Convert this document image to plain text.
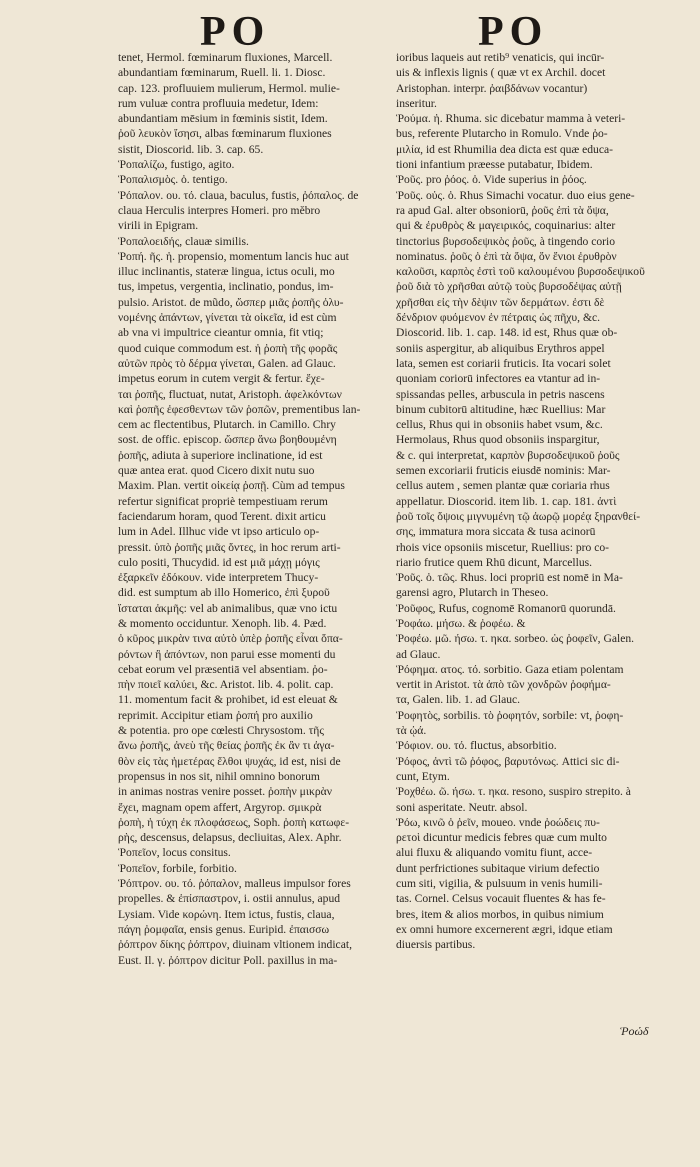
PO	PO
tenet, Hermol. fœminarum fluxiones, Marcell.
abundantiam fœminarum, Ruell. li. 1. Diosc.
cap. 123. profluuiem mulierum, Hermol. mulie-
rum vuluæ contra profluuia medetur, Idem:
abundantiam mēsium in fœminis sistit, Idem.
ῥοῦ λευκὸν ἴσησι, albas fœminarum fluxiones
sistit, Dioscorid. lib. 3. cap. 65.
Ῥοπαλίζω, fustigo, agito.
Ῥοπαλισμὸς. ὁ. tentigo.
Ῥόπαλον. ου. τό. claua, baculus, fustis, ῥόπαλος. de
claua Herculis interpres Homeri. pro mĕbro
virili in Epigram.
Ῥοπαλοειδής, clauæ similis.
Ῥοπή. ῆς. ἡ. propensio, momentum lancis huc aut
illuc inclinantis, stateræ lingua, ictus oculi, mo
tus, impetus, vergentia, inclinatio, pondus, im-
pulsio. Aristot. de mũdo, ὥσπερ μιᾶς ῥοπῆς ὀλυ-
νομένης ἁπάντων, γίνεται τὰ οἰκεῖα, id est cùm
ab vna vi impultrice cieantur omnia, fit vtiq;
quod cuique commodum est. ἡ ῥοπὴ τῆς φορᾶς
αὐτῶν πρὸς τὸ δέρμα γίνεται, Galen. ad Glauc.
impetus eorum in cutem vergit & fertur. ἔχε-
ται ῥοπῆς, fluctuat, nutat, Aristoph. ἀφελκόντων
καὶ ῥοπῆς ἐφεσθεντων τῶν ῥοπῶν, prementibus lan-
cem ac flectentibus, Plutarch. in Camillo. Chry
sost. de offic. episcop. ὥσπερ ἄνω βοηθουμένη
ῥοπῆς, adiuta à superiore inclinatione, id est
quæ antea erat. quod Cicero dixit nutu suo
Maxim. Plan. vertit οἰκείᾳ ῥοπῇ. Cùm ad tempus
refertur significat propriè tempestiuam rerum
faciendarum horam, quod Terent. dixit articu
lum in Adel. Illhuc vide vt ipso articulo op-
pressit. ὑπὸ ῥοπῆς μιᾶς ὄντες, in hoc rerum arti-
culo positi, Thucydid. id est μιᾶ μάχῃ μόγις
ἐξαρκεῖν ἐδόκουν. vide interpretem Thucy-
did. est sumptum ab illo Homerico, ἐπὶ ξυροῦ
ἵσταται ἀκμῆς: vel ab animalibus, quæ vno ictu
& momento occiduntur. Xenoph. lib. 4. Pæd.
ὁ κῦρος μικρὰν τινα αὐτὸ ὑπὲρ ῥοπῆς εἶναι ὅπα-
ρόντων ἢ ἀπόντων, non parui esse momenti du
cebat eorum vel præsentiā vel absentiam. ῥο-
πὴν ποιεῖ καλύει, &c. Aristot. lib. 4. polit. cap.
11. momentum facit & prohibet, id est eleuat &
reprimit. Accipitur etiam ῥοπή pro auxilio
& potentia. pro ope cœlesti Chrysostom. τῆς
ἄνω ῥοπῆς, ἀνεὺ τῆς θείας ῥοπῆς ἐκ ἂν τι ἀγα-
θὸν εἰς τὰς ἡμετέρας ἔλθοι ψυχάς, id est, nisi de
propensus in nos sit, nihil omnino bonorum
in animas nostras venire posset. ῥοπὴν μικρὰν
ἔχει, magnam opem affert, Argyrop. σμικρὰ
ῥοπὴ, ἡ τύχη ἐκ πλοφάσεως, Soph. ῥοπὴ κατωφε-
ρὴς, descensus, delapsus, decliuitas, Alex. Aphr.
Ῥοπεῖον, locus consitus.
Ῥοπεῖον, forbile, forbitio.
Ῥόπτρον. ου. τό. ῥόπαλον, malleus impulsor fores
propelles. & ἐπίσπαστρον, i. ostii annulus, apud
Lysiam. Vide κορώνη. Item ictus, fustis, claua,
πάγη ῥομφαῖα, ensis genus. Euripid. ἐπαισσω
ῥόπτρον δίκης ῥόπτρον, diuinam vltionem indicat,
Eust. Il. γ. ῥόπτρον dicitur Poll. paxillus in ma-
ioribus laqueis aut retib⁹ venaticis, qui incūr-
uis & inflexis lignis ( quæ vt ex Archil. docet
Aristophan. interpr. ῥαιβδάνων vocantur)
inseritur.
Ῥούμα. ἡ. Rhuma. sic dicebatur mamma à veteri-
bus, referente Plutarcho in Romulo. Vnde ῥο-
μιλία, id est Rhumilia dea dicta est quæ educa-
tioni infantium præesse putabatur, Ibidem.
Ῥοῦς. pro ῥόος. ὁ. Vide superius in ῥόος.
Ῥοῦς. οὐς. ὁ. Rhus Simachi vocatur. duo eius gene-
ra apud Gal. alter obsoniorū, ῥοῦς ἐπὶ τὰ ὄψα,
qui & ἐρυθρὸς & μαγειρικός, coquinarius: alter
tinctorius βυρσοδεψικὸς ῥοῦς, à tingendo corio
nominatus. ῥοῦς ὁ ἐπὶ τὰ ὄψα, ὅν ἔνιοι ἐρυθρὸν
καλοῦσι, καρπὸς ἐστὶ τοῦ καλουμένου βυρσοδεψικοῦ
ῥοῦ διὰ τὸ χρῆσθαι αὐτῷ τοὺς βυρσοδέψας αὐτῇ
χρῆσθαι εἰς τὴν δὲψιν τῶν δερμάτων. ἐστι δὲ
δένδριον φυόμενον ἐν πέτραις ὡς πῆχυ, &c.
Dioscorid. lib. 1. cap. 148. id est, Rhus quæ ob-
soniis aspergitur, ab aliquibus Erythros appel
lata, semen est coriarii fruticis. Ita vocari solet
quoniam coriorū infectores ea vtantur ad in-
spissandas pelles, arbuscula in petris nascens
binum cubitorū altitudine, hæc Ruellius: Mar
cellus, Rhus qui in obsoniis habet vsum, &c.
Hermolaus, Rhus quod obsoniis inspargitur,
& c. qui interpretat, καρπὸν βυρσοδεψικοῦ ῥοῦς
semen excoriarii fruticis eiusdē nominis: Mar-
cellus autem , semen plantæ quæ coriaria rhus
appellatur. Dioscorid. item lib. 1. cap. 181. ἀντὶ
ῥοῦ τοῖς ὄψοις μιγνυμένη τῷ ἀωρῷ μορέᾳ ξηρανθεί-
σης, immatura mora siccata & tusa acinorū
rhois vice opsoniis miscetur, Ruellius: pro co-
riario frutice quem Rhū dicunt, Marcellus.
Ῥοῦς. ὁ. τῶς. Rhus. loci propriū est nomē in Ma-
garensi agro, Plutarch in Theseo.
Ῥοῦφος, Rufus, cognomē Romanorū quorundā.
Ῥοφάω. μήσω. & ῥοφέω. &
Ῥοφέω. μῶ. ήσω. τ. ηκα. sorbeo. ὡς ῥοφεῖν, Galen.
ad Glauc.
Ῥόφημα. ατος. τό. sorbitio. Gaza etiam polentam
vertit in Aristot. τὰ ἀπὸ τῶν χονδρῶν ῥοφήμα-
τα, Galen. lib. 1. ad Glauc.
Ῥοφητὸς, sorbilis. τὸ ῥοφητόν, sorbile: vt, ῥοφη-
τὰ ᾠά.
Ῥόφιον. ου. τό. fluctus, absorbitio.
Ῥόφος, ἀντὶ τῶ ῥόφος, βαρυτόνως. Attici sic di-
cunt, Etym.
Ῥοχθέω. ῶ. ήσω. τ. ηκα. resono, suspiro strepito. à
soni asperitate. Neutr. absol.
Ῥόω, κινῶ ὁ ῥεῖν, moueo. vnde ῥοώδεις πυ-
ρετοὶ dicuntur medicis febres quæ cum multo
alui fluxu & aliquando vomitu fiunt, acce-
dunt perfrictiones subitaque virium defectio
cum siti, vigilia, & pulsuum in venis humili-
tas. Cornel. Celsus vocauit fluentes & has fe-
bres, item & alios morbos, in quibus nimium
ex omni humore excernerent ægri, idque etiam
diuersis partibus.
Ῥοώδ
